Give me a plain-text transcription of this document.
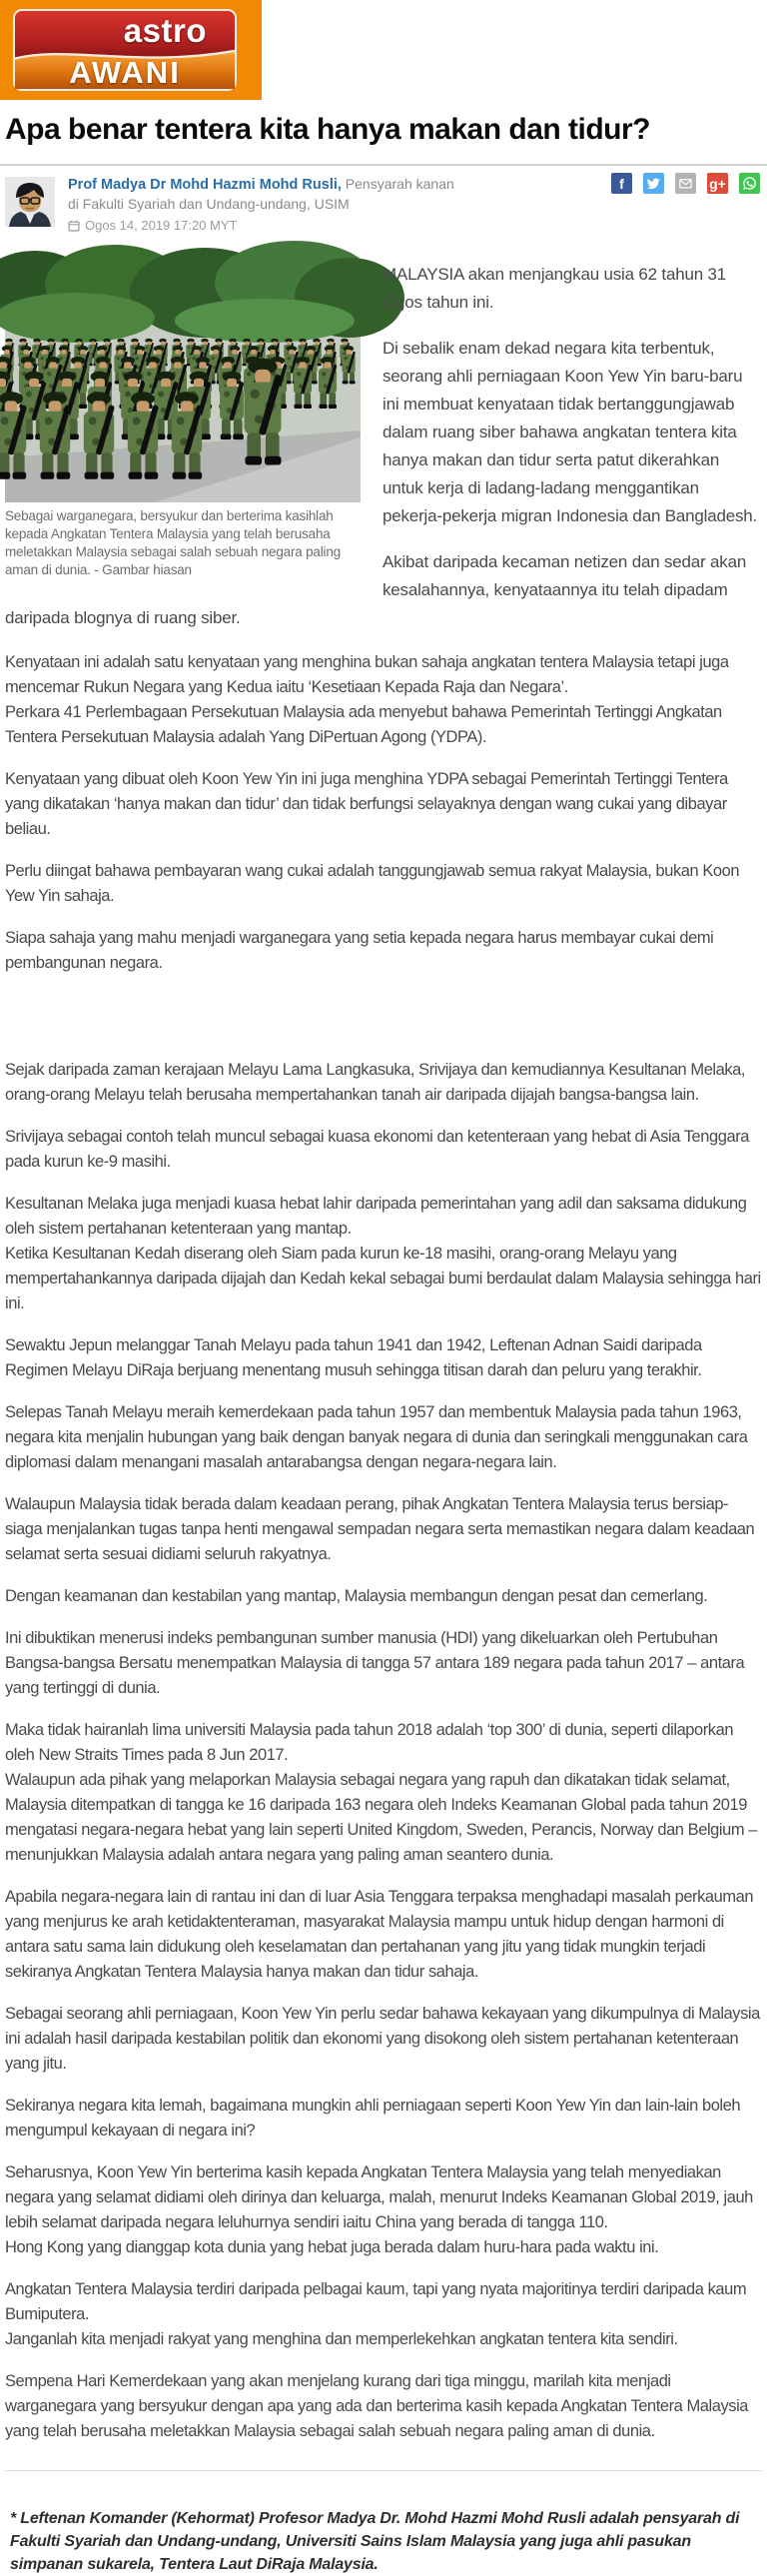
astro
AWANI
Apa benar tentera kita hanya makan dan tidur?
Prof Madya Dr Mohd Hazmi Mohd Rusli, Pensyarah kanan di Fakulti Syariah dan Undang-undang, USIM
Ogos 14, 2019 17:20 MYT
f	g+
Sebagai warganegara, bersyukur dan berterima kasihlah kepada Angkatan Tentera Malaysia yang telah berusaha meletakkan Malaysia sebagai salah sebuah negara paling aman di dunia. - Gambar hiasan

MALAYSIA akan menjangkau usia 62 tahun 31 Ogos tahun ini.

Di sebalik enam dekad negara kita terbentuk, seorang ahli perniagaan Koon Yew Yin baru-baru ini membuat kenyataan tidak bertanggungjawab dalam ruang siber bahawa angkatan tentera kita hanya makan dan tidur serta patut dikerahkan untuk kerja di ladang-ladang menggantikan pekerja-pekerja migran Indonesia dan Bangladesh.

Akibat daripada kecaman netizen dan sedar akan kesalahannya, kenyataannya itu telah dipadam daripada blognya di ruang siber.

Kenyataan ini adalah satu kenyataan yang menghina bukan sahaja angkatan tentera Malaysia tetapi juga mencemar Rukun Negara yang Kedua iaitu ‘Kesetiaan Kepada Raja dan Negara’.

Perkara 41 Perlembagaan Persekutuan Malaysia ada menyebut bahawa Pemerintah Tertinggi Angkatan Tentera Persekutuan Malaysia adalah Yang DiPertuan Agong (YDPA).

Kenyataan yang dibuat oleh Koon Yew Yin ini juga menghina YDPA sebagai Pemerintah Tertinggi Tentera yang dikatakan ‘hanya makan dan tidur’ dan tidak berfungsi selayaknya dengan wang cukai yang dibayar beliau.

Perlu diingat bahawa pembayaran wang cukai adalah tanggungjawab semua rakyat Malaysia, bukan Koon Yew Yin sahaja.

Siapa sahaja yang mahu menjadi warganegara yang setia kepada negara harus membayar cukai demi pembangunan negara.

Sejak daripada zaman kerajaan Melayu Lama Langkasuka, Srivijaya dan kemudiannya Kesultanan Melaka, orang-orang Melayu telah berusaha mempertahankan tanah air daripada dijajah bangsa-bangsa lain.

Srivijaya sebagai contoh telah muncul sebagai kuasa ekonomi dan ketenteraan yang hebat di Asia Tenggara pada kurun ke-9 masihi.

Kesultanan Melaka juga menjadi kuasa hebat lahir daripada pemerintahan yang adil dan saksama didukung oleh sistem pertahanan ketenteraan yang mantap.

Ketika Kesultanan Kedah diserang oleh Siam pada kurun ke-18 masihi, orang-orang Melayu yang mempertahankannya daripada dijajah dan Kedah kekal sebagai bumi berdaulat dalam Malaysia sehingga hari ini.

Sewaktu Jepun melanggar Tanah Melayu pada tahun 1941 dan 1942, Leftenan Adnan Saidi daripada Regimen Melayu DiRaja berjuang menentang musuh sehingga titisan darah dan peluru yang terakhir.

Selepas Tanah Melayu meraih kemerdekaan pada tahun 1957 dan membentuk Malaysia pada tahun 1963, negara kita menjalin hubungan yang baik dengan banyak negara di dunia dan seringkali menggunakan cara diplomasi dalam menangani masalah antarabangsa dengan negara-negara lain.

Walaupun Malaysia tidak berada dalam keadaan perang, pihak Angkatan Tentera Malaysia terus bersiap-siaga menjalankan tugas tanpa henti mengawal sempadan negara serta memastikan negara dalam keadaan selamat serta sesuai didiami seluruh rakyatnya.

Dengan keamanan dan kestabilan yang mantap, Malaysia membangun dengan pesat dan cemerlang.

Ini dibuktikan menerusi indeks pembangunan sumber manusia (HDI) yang dikeluarkan oleh Pertubuhan Bangsa-bangsa Bersatu menempatkan Malaysia di tangga 57 antara 189 negara pada tahun 2017 – antara yang tertinggi di dunia.

Maka tidak hairanlah lima universiti Malaysia pada tahun 2018 adalah ‘top 300’ di dunia, seperti dilaporkan oleh New Straits Times pada 8 Jun 2017.

Walaupun ada pihak yang melaporkan Malaysia sebagai negara yang rapuh dan dikatakan tidak selamat, Malaysia ditempatkan di tangga ke 16 daripada 163 negara oleh Indeks Keamanan Global pada tahun 2019 mengatasi negara-negara hebat yang lain seperti United Kingdom, Sweden, Perancis, Norway dan Belgium – menunjukkan Malaysia adalah antara negara yang paling aman seantero dunia.

Apabila negara-negara lain di rantau ini dan di luar Asia Tenggara terpaksa menghadapi masalah perkauman yang menjurus ke arah ketidaktenteraman, masyarakat Malaysia mampu untuk hidup dengan harmoni di antara satu sama lain didukung oleh keselamatan dan pertahanan yang jitu yang tidak mungkin terjadi sekiranya Angkatan Tentera Malaysia hanya makan dan tidur sahaja.

Sebagai seorang ahli perniagaan, Koon Yew Yin perlu sedar bahawa kekayaan yang dikumpulnya di Malaysia ini adalah hasil daripada kestabilan politik dan ekonomi yang disokong oleh sistem pertahanan ketenteraan yang jitu.

Sekiranya negara kita lemah, bagaimana mungkin ahli perniagaan seperti Koon Yew Yin dan lain-lain boleh mengumpul kekayaan di negara ini?

Seharusnya, Koon Yew Yin berterima kasih kepada Angkatan Tentera Malaysia yang telah menyediakan negara yang selamat didiami oleh dirinya dan keluarga, malah, menurut Indeks Keamanan Global 2019, jauh lebih selamat daripada negara leluhurnya sendiri iaitu China yang berada di tangga 110.

Hong Kong yang dianggap kota dunia yang hebat juga berada dalam huru-hara pada waktu ini.

Angkatan Tentera Malaysia terdiri daripada pelbagai kaum, tapi yang nyata majoritinya terdiri daripada kaum Bumiputera.

Janganlah kita menjadi rakyat yang menghina dan memperlekehkan angkatan tentera kita sendiri.

Sempena Hari Kemerdekaan yang akan menjelang kurang dari tiga minggu, marilah kita menjadi warganegara yang bersyukur dengan apa yang ada dan berterima kasih kepada Angkatan Tentera Malaysia yang telah berusaha meletakkan Malaysia sebagai salah sebuah negara paling aman di dunia.

* Leftenan Komander (Kehormat) Profesor Madya Dr. Mohd Hazmi Mohd Rusli adalah pensyarah di Fakulti Syariah dan Undang-undang, Universiti Sains Islam Malaysia yang juga ahli pasukan simpanan sukarela, Tentera Laut DiRaja Malaysia.
